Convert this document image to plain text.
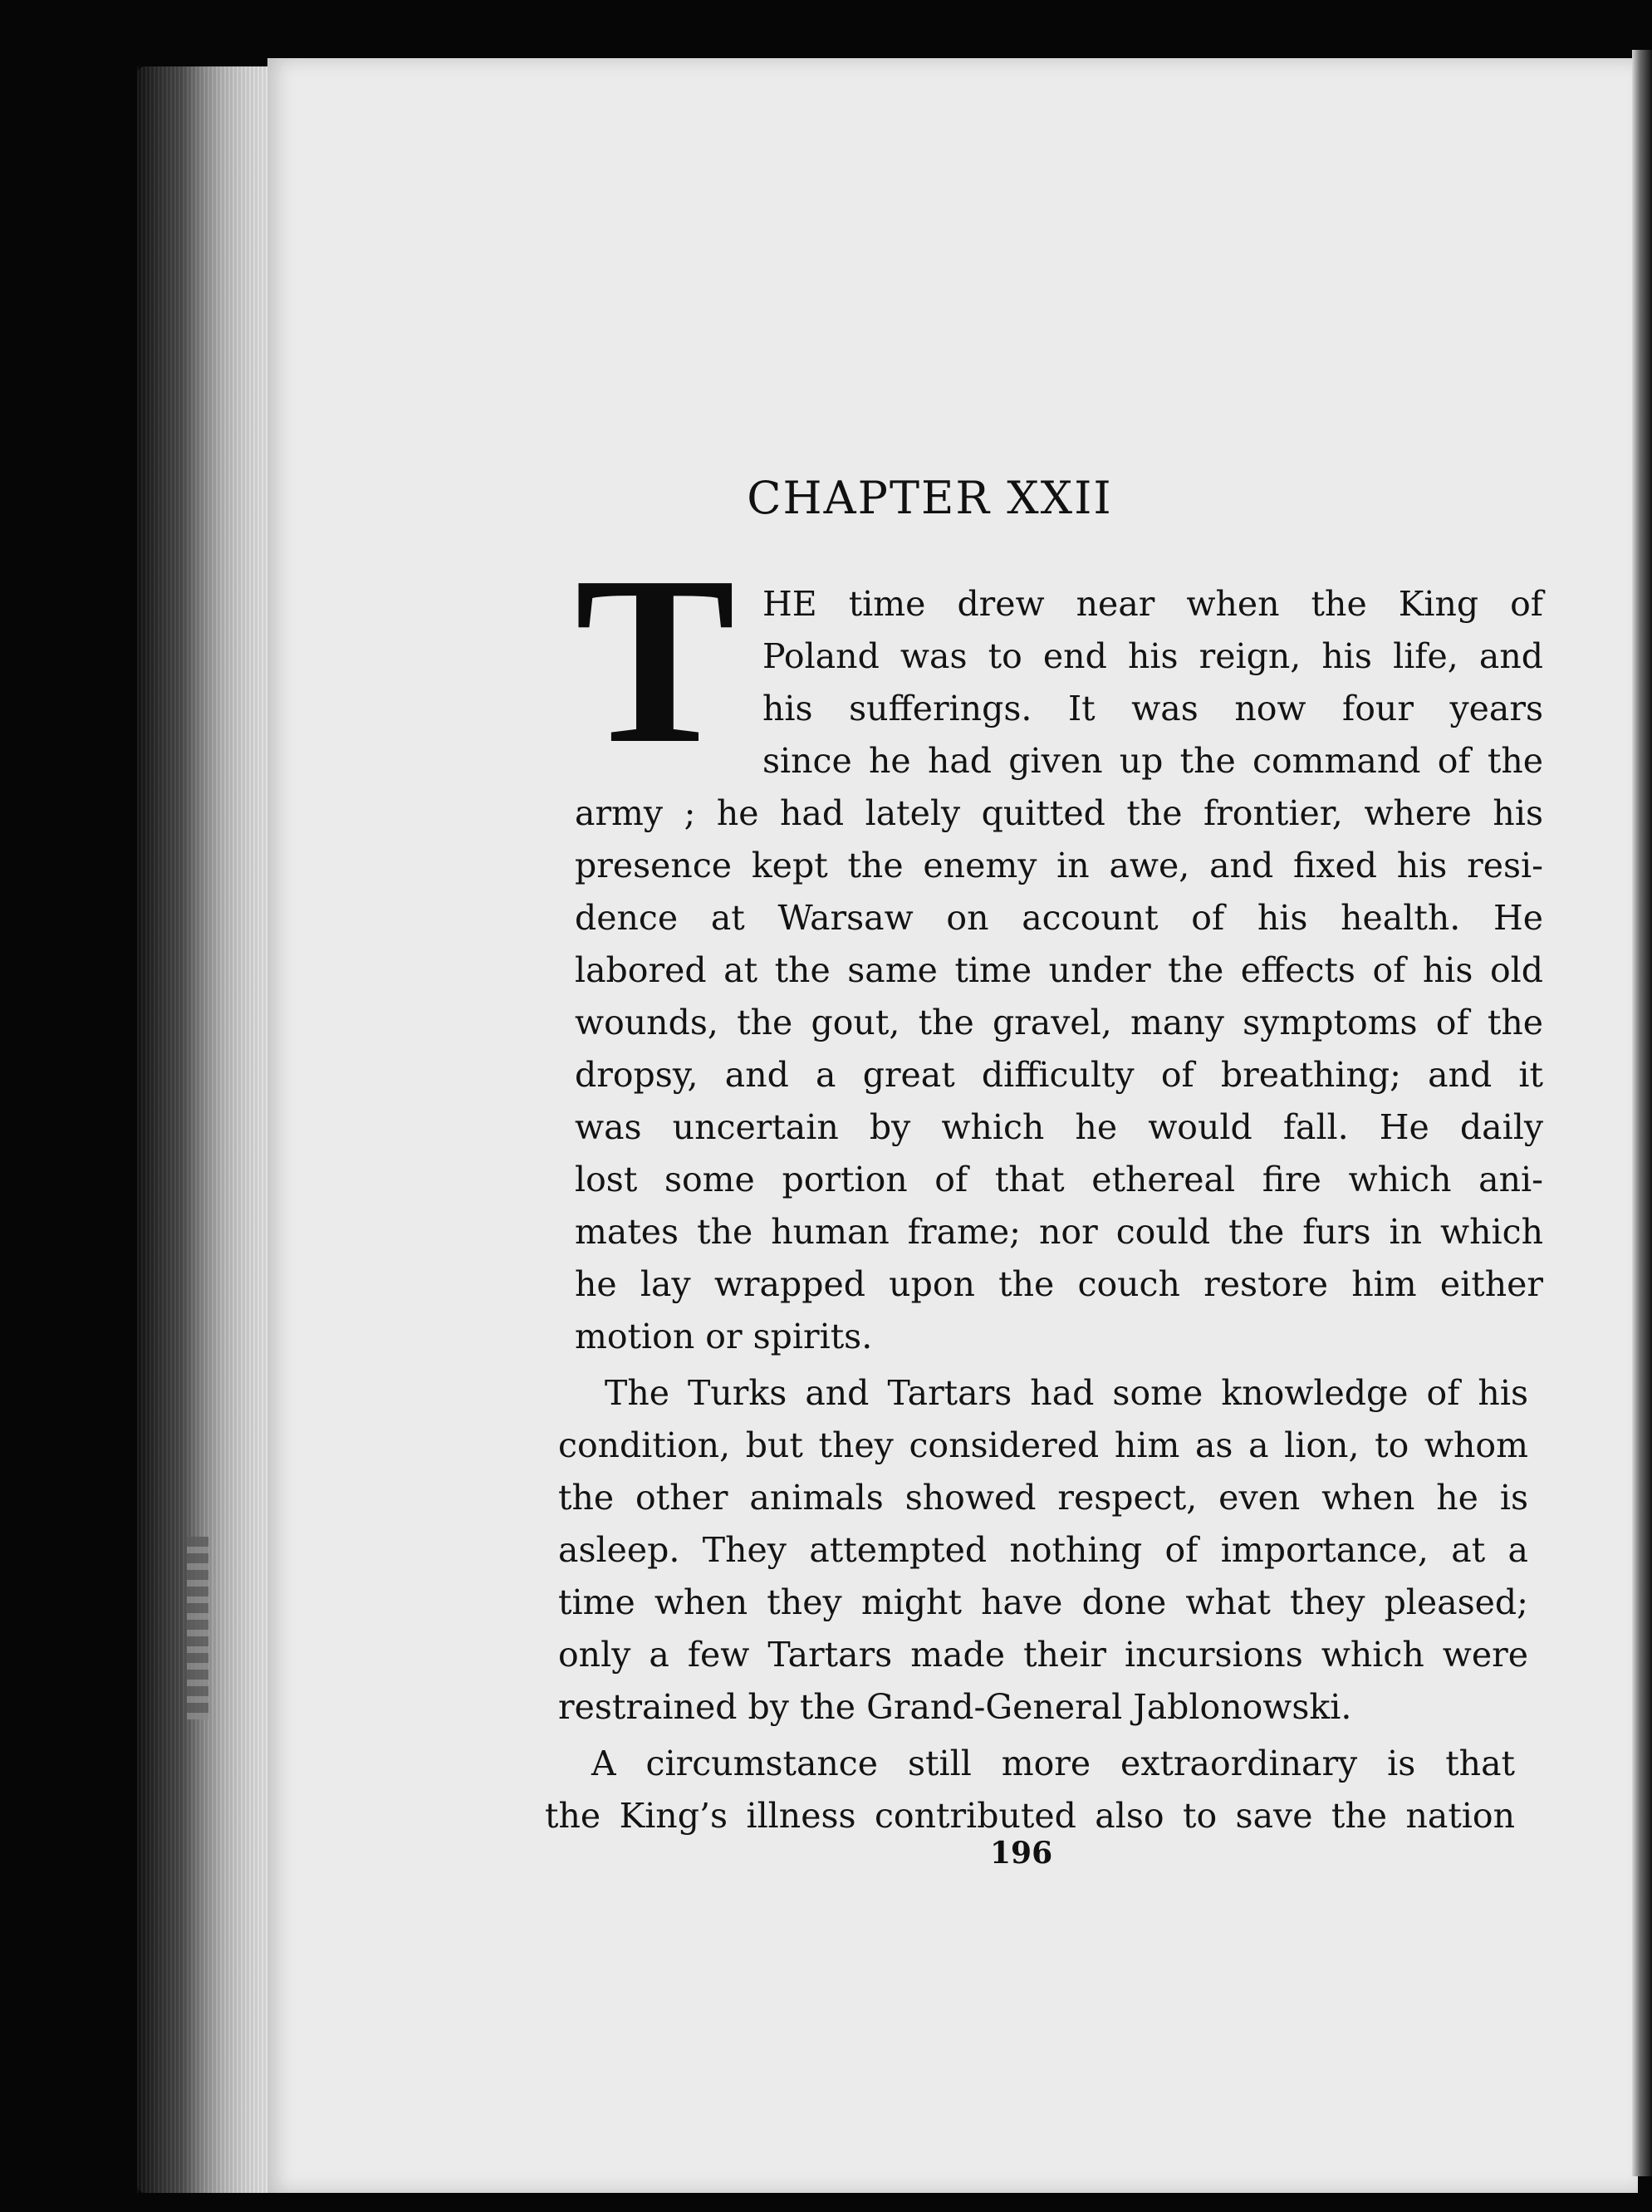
CHAPTER XXII
T HE time drew near when the King of
Poland was to end his reign, his life, and
his sufferings. It was now four years
since he had given up the command of the
army ; he had lately quitted the frontier, where his
presence kept the enemy in awe, and fixed his resi-
dence at Warsaw on account of his health. He
labored at the same time under the effects of his old
wounds, the gout, the gravel, many symptoms of the
dropsy, and a great difficulty of breathing; and it
was uncertain by which he would fall. He daily
lost some portion of that ethereal fire which ani-
mates the human frame; nor could the furs in which
he lay wrapped upon the couch restore him either
motion or spirits.
The Turks and Tartars had some knowledge of his
condition, but they considered him as a lion, to whom
the other animals showed respect, even when he is
asleep. They attempted nothing of importance, at a
time when they might have done what they pleased;
only a few Tartars made their incursions which were
restrained by the Grand-General Jablonowski.
A circumstance still more extraordinary is that
the King’s illness contributed also to save the nation
196
